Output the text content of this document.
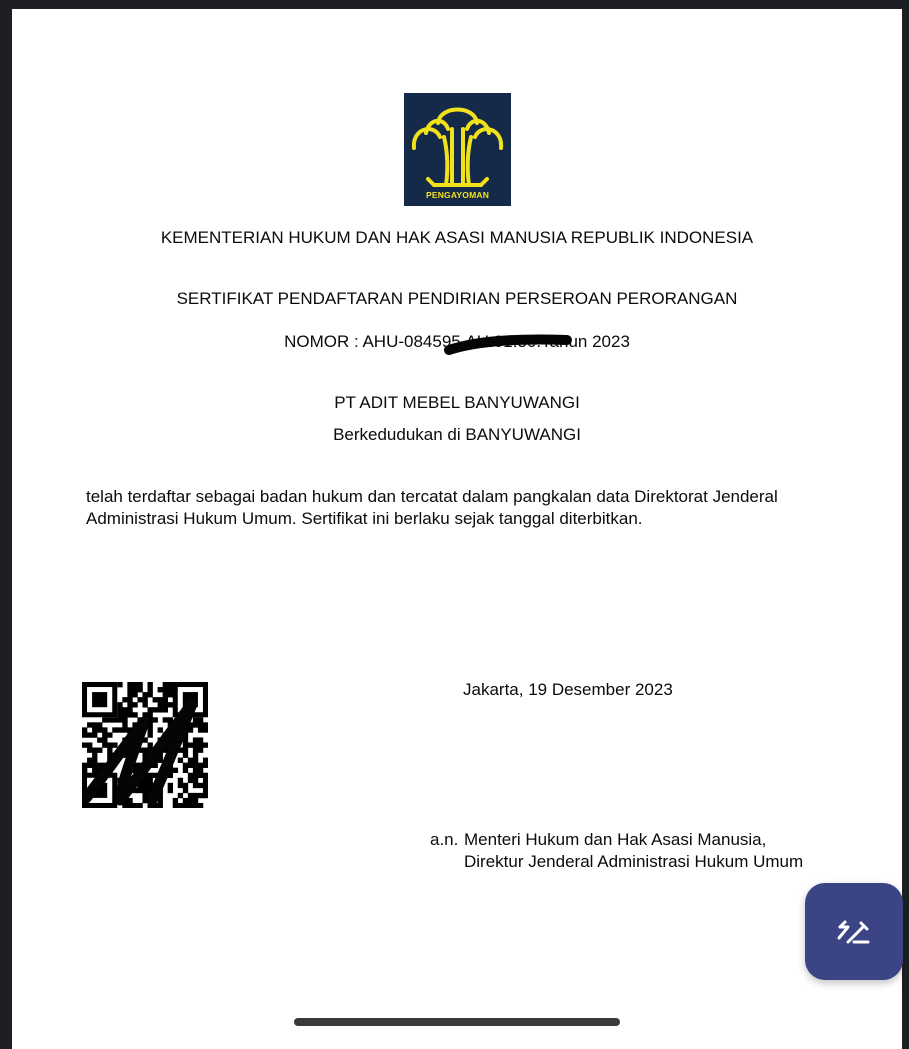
PENGAYOMAN
KEMENTERIAN HUKUM DAN HAK ASASI MANUSIA REPUBLIK INDONESIA
SERTIFIKAT PENDAFTARAN PENDIRIAN PERSEROAN PERORANGAN
NOMOR : AHU-084595.AH.01.30.Tahun 2023
PT ADIT MEBEL BANYUWANGI
Berkedudukan di BANYUWANGI
telah terdaftar sebagai badan hukum dan tercatat dalam pangkalan data Direktorat Jenderal Administrasi Hukum Umum. Sertifikat ini berlaku sejak tanggal diterbitkan.
Jakarta, 19 Desember 2023
a.n. Menteri Hukum dan Hak Asasi Manusia,
Direktur Jenderal Administrasi Hukum Umum
